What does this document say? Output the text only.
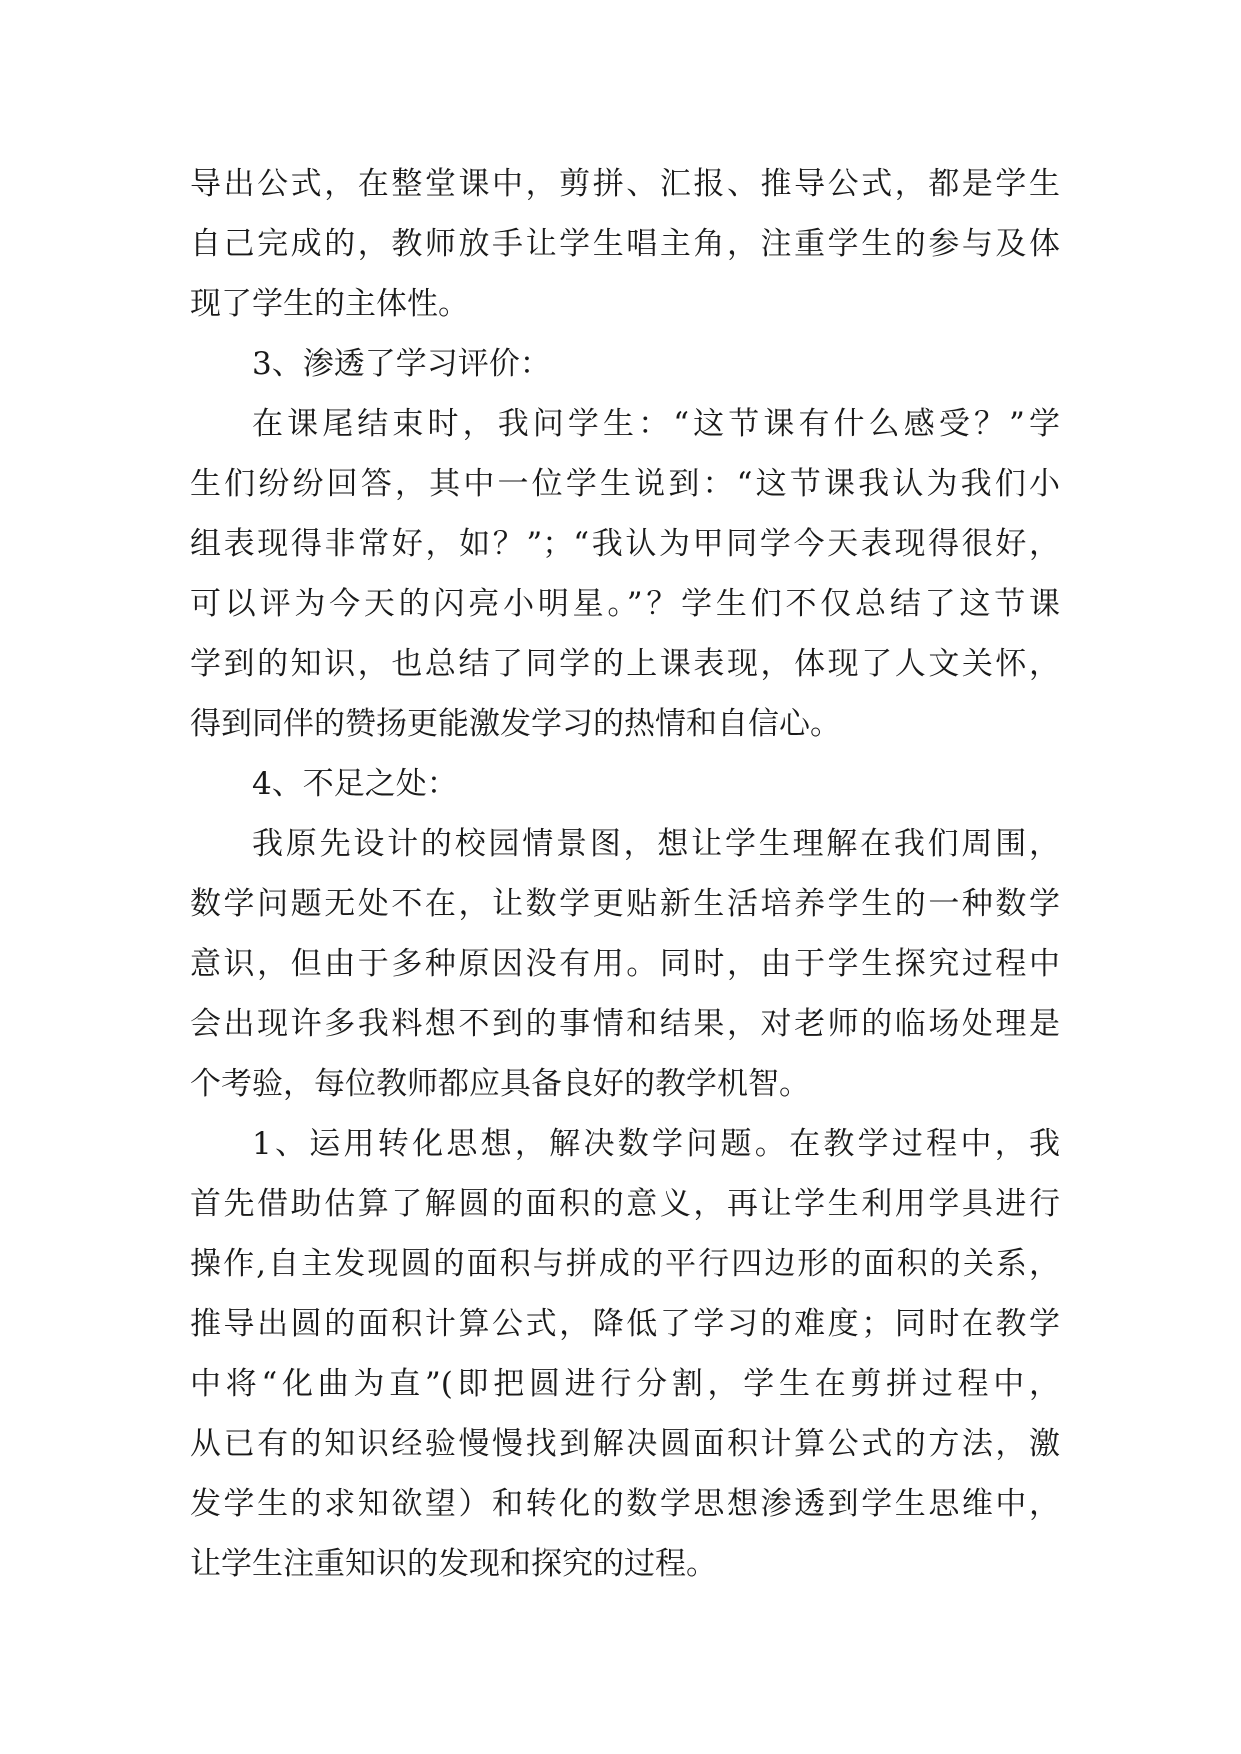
导出公式，在整堂课中，剪拼、汇报、推导公式，都是学生
自己完成的，教师放手让学生唱主角，注重学生的参与及体
现了学生的主体性。
3、渗透了学习评价：
在课尾结束时，我问学生：“这节课有什么感受？”学
生们纷纷回答，其中一位学生说到：“这节课我认为我们小
组表现得非常好，如？”；“我认为甲同学今天表现得很好，
可以评为今天的闪亮小明星。”？学生们不仅总结了这节课
学到的知识，也总结了同学的上课表现，体现了人文关怀，
得到同伴的赞扬更能激发学习的热情和自信心。
4、不足之处：
我原先设计的校园情景图，想让学生理解在我们周围，
数学问题无处不在，让数学更贴新生活培养学生的一种数学
意识，但由于多种原因没有用。同时，由于学生探究过程中
会出现许多我料想不到的事情和结果，对老师的临场处理是
个考验，每位教师都应具备良好的教学机智。
1、运用转化思想，解决数学问题。在教学过程中，我
首先借助估算了解圆的面积的意义，再让学生利用学具进行
操作,自主发现圆的面积与拼成的平行四边形的面积的关系，
推导出圆的面积计算公式，降低了学习的难度；同时在教学
中将“化曲为直”(即把圆进行分割，学生在剪拼过程中，
从已有的知识经验慢慢找到解决圆面积计算公式的方法，激
发学生的求知欲望）和转化的数学思想渗透到学生思维中，
让学生注重知识的发现和探究的过程。
